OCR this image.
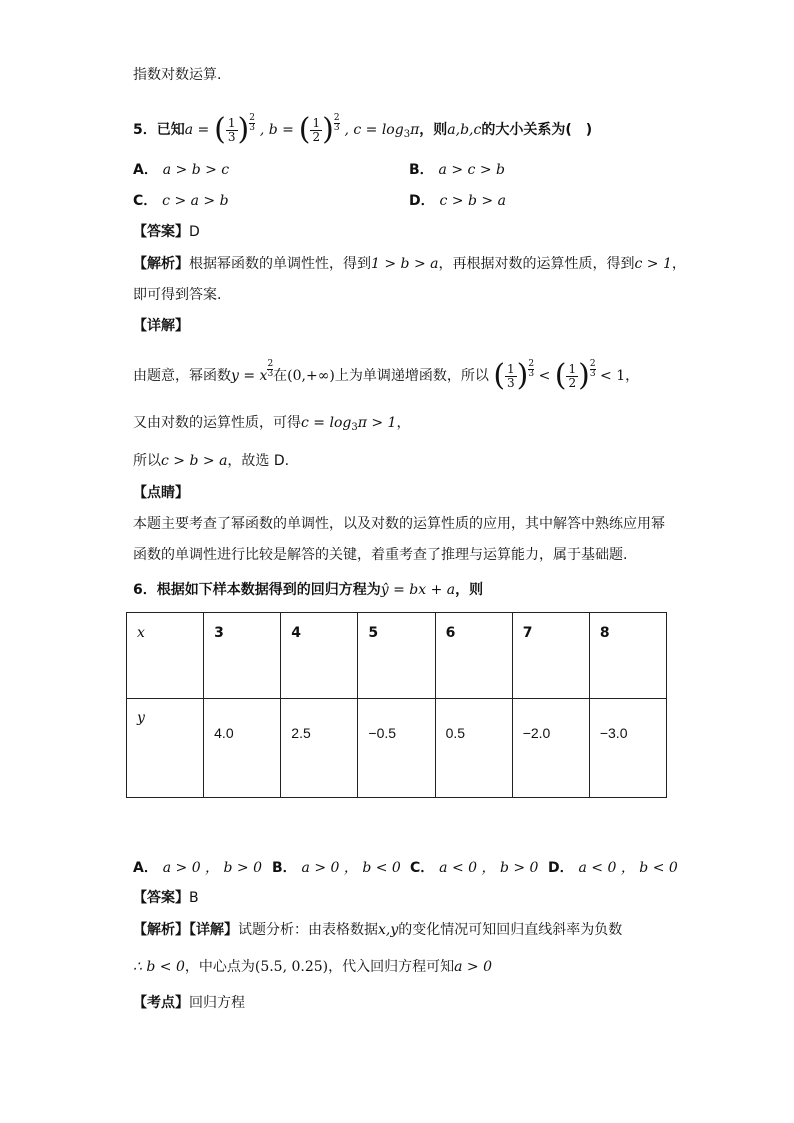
指数对数运算.
5．已知a = ( $\frac{1}{3}$ ) $\frac{2}{3}$ , b = ( $\frac{1}{2}$ ) $\frac{2}{3}$ , $c = \log_3\pi$，则a,b,c的大小关系为(　)
A． a > b > c	B． a > c > b
C． c > a > b	D． c > b > a
【答案】D
【解析】根据幂函数的单调性性，得到1 > b > a，再根据对数的运算性质，得到c > 1，
即可得到答案.
【详解】
由题意，幂函数y = x $\frac{2}{3}$ 在(0,+∞)上为单调递增函数，所以 ( $\frac{1}{3}$ ) $\frac{2}{3}$ < ( $\frac{1}{2}$ ) $\frac{2}{3} < 1$，
又由对数的运算性质，可得$c = \log_3\pi > 1$，
所以c > b > a，故选 D.
【点睛】
本题主要考查了幂函数的单调性，以及对数的运算性质的应用，其中解答中熟练应用幂
函数的单调性进行比较是解答的关键，着重考查了推理与运算能力，属于基础题.
6．根据如下样本数据得到的回归方程为ŷ = bx + a，则
x	3	4	5	6	7	8
y	4.0	2.5	−0.5	0.5	−2.0	−3.0
A． a > 0 ， b > 0 B． a > 0 ， b < 0 C． a < 0 ， b > 0 D． a < 0 ， b < 0
【答案】B
【解析】【详解】试题分析：由表格数据x,y的变化情况可知回归直线斜率为负数
∴ b < 0，中心点为(5.5, 0.25)，代入回归方程可知a > 0
【考点】回归方程
